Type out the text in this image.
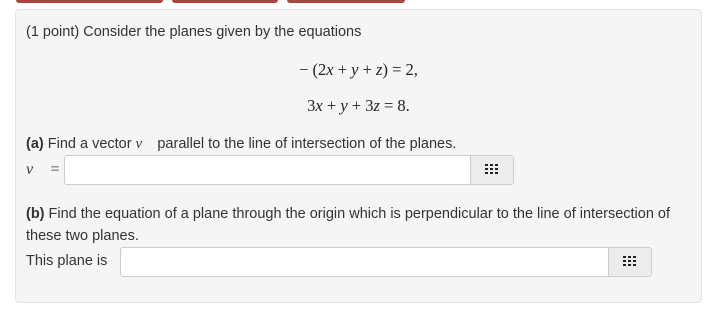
(1 point) Consider the planes given by the equations
− (2x + y + z) = 2,
3x + y + 3z = 8.
(a) Find a vector v⃗ parallel to the line of intersection of the planes.
v⃗ =
(b) Find the equation of a plane through the origin which is perpendicular to the line of intersection of these two planes.
This plane is
